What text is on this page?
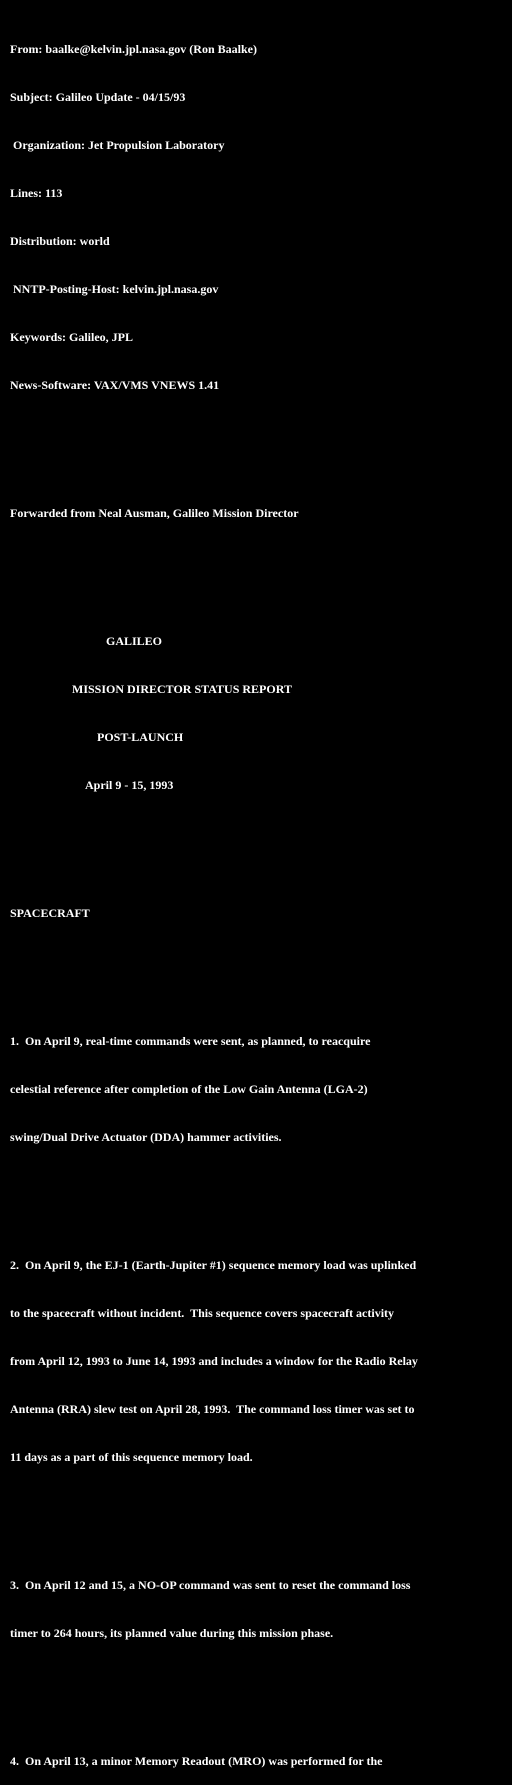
From: baalke@kelvin.jpl.nasa.gov (Ron Baalke)

Subject: Galileo Update - 04/15/93

Organization: Jet Propulsion Laboratory

Lines: 113

Distribution: world

NNTP-Posting-Host: kelvin.jpl.nasa.gov

Keywords: Galileo, JPL

News-Software: VAX/VMS VNEWS 1.41

Forwarded from Neal Ausman, Galileo Mission Director

GALILEO

MISSION DIRECTOR STATUS REPORT

POST-LAUNCH

April 9 - 15, 1993

SPACECRAFT

1.  On April 9, real-time commands were sent, as planned, to reacquire

celestial reference after completion of the Low Gain Antenna (LGA-2)

swing/Dual Drive Actuator (DDA) hammer activities.

2.  On April 9, the EJ-1 (Earth-Jupiter #1) sequence memory load was uplinked

to the spacecraft without incident.  This sequence covers spacecraft activity

from April 12, 1993 to June 14, 1993 and includes a window for the Radio Relay

Antenna (RRA) slew test on April 28, 1993.  The command loss timer was set to

11 days as a part of this sequence memory load.

3.  On April 12 and 15, a NO-OP command was sent to reset the command loss

timer to 264 hours, its planned value during this mission phase.

4.  On April 13, a minor Memory Readout (MRO) was performed for the
